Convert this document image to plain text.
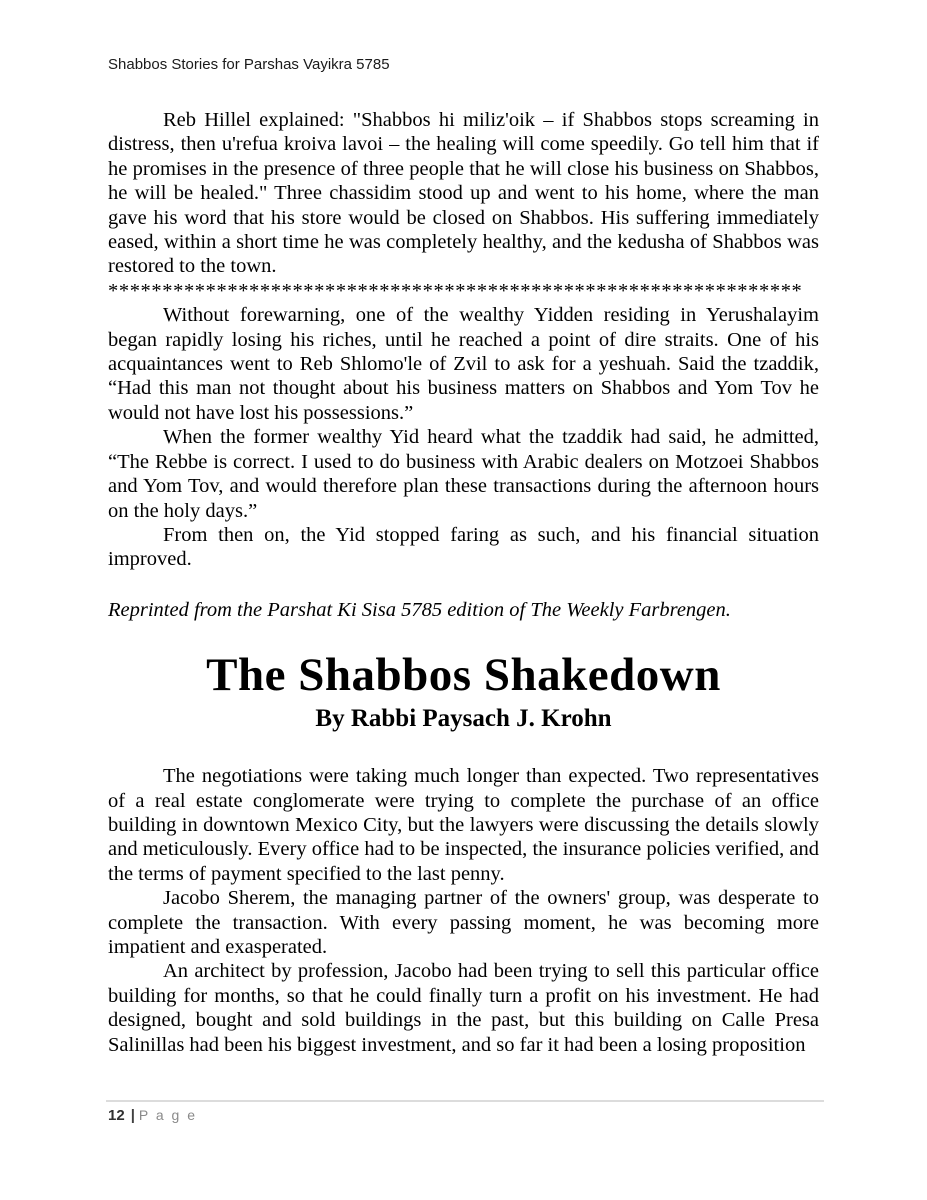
Shabbos Stories for Parshas Vayikra 5785

Reb Hillel explained: "Shabbos hi miliz'oik – if Shabbos stops screaming in distress, then u'refua kroiva lavoi – the healing will come speedily. Go tell him that if he promises in the presence of three people that he will close his business on Shabbos, he will be healed." Three chassidim stood up and went to his home, where the man gave his word that his store would be closed on Shabbos. His suffering immediately eased, within a short time he was completely healthy, and the kedusha of Shabbos was restored to the town.

****************************************************************

Without forewarning, one of the wealthy Yidden residing in Yerushalayim began rapidly losing his riches, until he reached a point of dire straits. One of his acquaintances went to Reb Shlomo'le of Zvil to ask for a yeshuah. Said the tzaddik, “Had this man not thought about his business matters on Shabbos and Yom Tov he would not have lost his possessions.”

When the former wealthy Yid heard what the tzaddik had said, he admitted, “The Rebbe is correct. I used to do business with Arabic dealers on Motzoei Shabbos and Yom Tov, and would therefore plan these transactions during the afternoon hours on the holy days.”

From then on, the Yid stopped faring as such, and his financial situation improved.

Reprinted from the Parshat Ki Sisa 5785 edition of The Weekly Farbrengen.

The Shabbos Shakedown
By Rabbi Paysach J. Krohn

The negotiations were taking much longer than expected. Two representatives of a real estate conglomerate were trying to complete the purchase of an office building in downtown Mexico City, but the lawyers were discussing the details slowly and meticulously. Every office had to be inspected, the insurance policies verified, and the terms of payment specified to the last penny.

Jacobo Sherem, the managing partner of the owners' group, was desperate to complete the transaction. With every passing moment, he was becoming more impatient and exasperated.

An architect by profession, Jacobo had been trying to sell this particular office building for months, so that he could finally turn a profit on his investment. He had designed, bought and sold buildings in the past, but this building on Calle Presa Salinillas had been his biggest investment, and so far it had been a losing proposition

12 | P a g e
